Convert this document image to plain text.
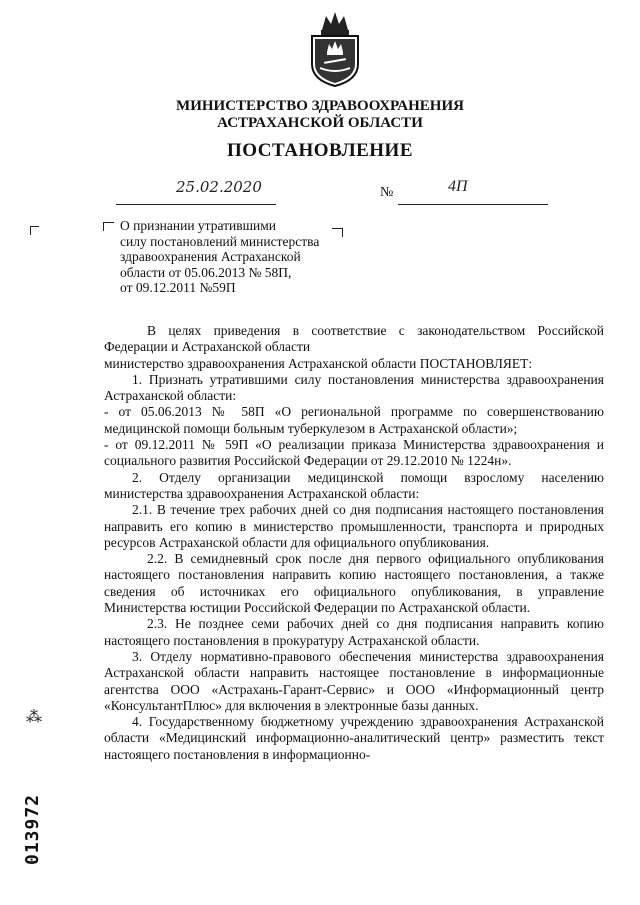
МИНИСТЕРСТВО ЗДРАВООХРАНЕНИЯ
АСТРАХАНСКОЙ ОБЛАСТИ
ПОСТАНОВЛЕНИЕ
25.02.2020	№	4П
О признании утратившими
силу постановлений министерства
здравоохранения Астраханской
области от 05.06.2013 № 58П,
от 09.12.2011 №59П

В целях приведения в соответствие с законодательством Российской Федерации и Астраханской области

министерство здравоохранения Астраханской области ПОСТАНОВЛЯЕТ:

1. Признать утратившими силу постановления министерства здравоохранения Астраханской области:

- от 05.06.2013 № 58П «О региональной программе по совершенствованию медицинской помощи больным туберкулезом в Астраханской области»;

- от 09.12.2011 № 59П «О реализации приказа Министерства здравоохранения и социального развития Российской Федерации от 29.12.2010 № 1224н».

2. Отделу организации медицинской помощи взрослому населению министерства здравоохранения Астраханской области:

2.1. В течение трех рабочих дней со дня подписания настоящего постановления направить его копию в министерство промышленности, транспорта и природных ресурсов Астраханской области для официального опубликования.

2.2. В семидневный срок после дня первого официального опубликования настоящего постановления направить копию настоящего постановления, а также сведения об источниках его официального опубликования, в управление Министерства юстиции Российской Федерации по Астраханской области.

2.3. Не позднее семи рабочих дней со дня подписания направить копию настоящего постановления в прокуратуру Астраханской области.

3. Отделу нормативно-правового обеспечения министерства здравоохранения Астраханской области направить настоящее постановление в информационные агентства ООО «Астрахань-Гарант-Сервис» и ООО «Информационный центр «КонсультантПлюс» для включения в электронные базы данных.

4. Государственному бюджетному учреждению здравоохранения Астраханской области «Медицинский информационно-аналитический центр» разместить текст настоящего постановления в информационно-

⁂
013972
